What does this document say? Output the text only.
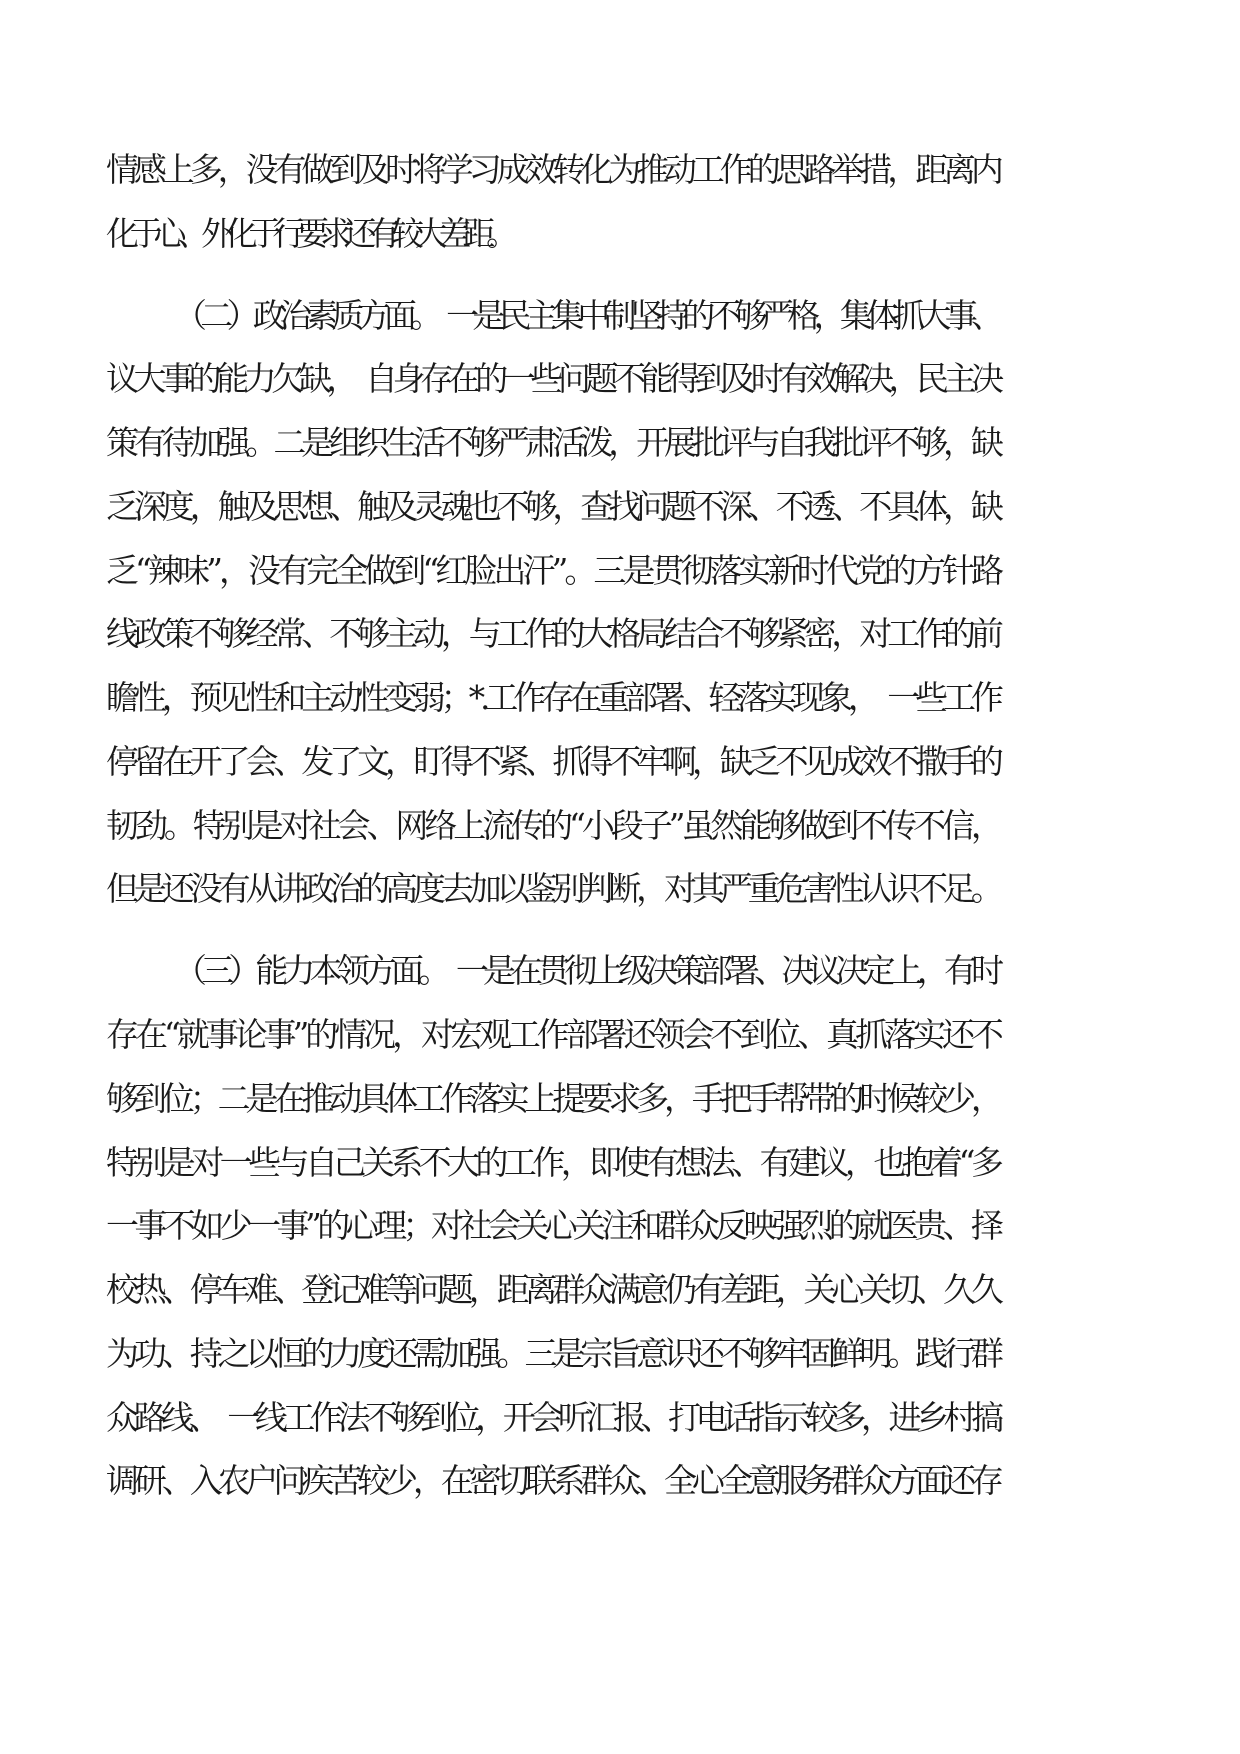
情感上多，没有做到及时将学习成效转化为推动工作的思路举措，距离内
化于心、外化于行要求还有较大差距。
（二）政治素质方面。　一是民主集中制坚持的不够严格，集体抓大事、
议大事的能力欠缺，　自身存在的一些问题不能得到及时有效解决，民主决
策有待加强。二是组织生活不够严肃活泼，开展批评与自我批评不够，缺
乏深度，触及思想、触及灵魂也不够，查找问题不深、不透、不具体，缺
乏“辣味”，没有完全做到“红脸出汗”。三是贯彻落实新时代党的方针路
线政策不够经常、不够主动，与工作的大格局结合不够紧密，对工作的前
瞻性，预见性和主动性变弱；*.工作存在重部署、轻落实现象，　一些工作
停留在开了会、发了文，盯得不紧、抓得不牢啊，缺乏不见成效不撒手的
韧劲。特别是对社会、网络上流传的“小段子”虽然能够做到不传不信，
但是还没有从讲政治的高度去加以鉴别判断，对其严重危害性认识不足。
（三）能力本领方面。　一是在贯彻上级决策部署、决议决定上，有时
存在“就事论事”的情况，对宏观工作部署还领会不到位、真抓落实还不
够到位；二是在推动具体工作落实上提要求多，手把手帮带的时候较少，
特别是对一些与自己关系不大的工作，即使有想法、有建议，也抱着“多
一事不如少一事”的心理；对社会关心关注和群众反映强烈的就医贵、择
校热、停车难、登记难等问题，距离群众满意仍有差距，关心关切、久久
为功、持之以恒的力度还需加强。三是宗旨意识还不够牢固鲜明。践行群
众路线、　一线工作法不够到位，开会听汇报、打电话指示较多，进乡村搞
调研、入农户问疾苦较少，在密切联系群众、全心全意服务群众方面还存
